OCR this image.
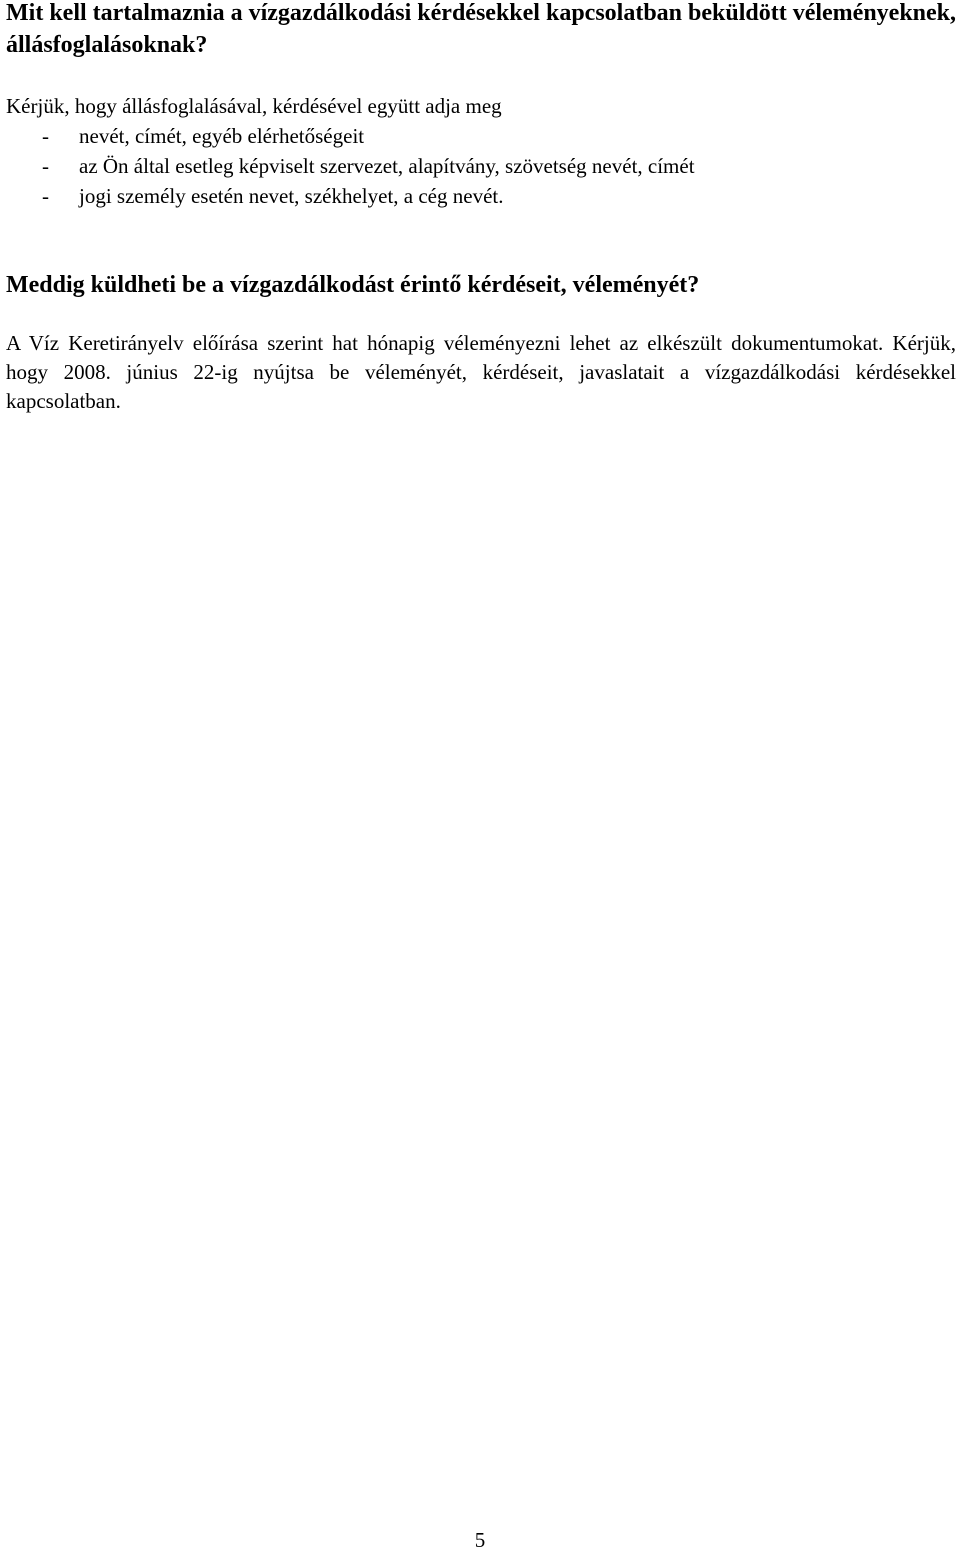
Mit kell tartalmaznia a vízgazdálkodási kérdésekkel kapcsolatban beküldött véleményeknek, állásfoglalásoknak?

Kérjük, hogy állásfoglalásával, kérdésével együtt adja meg

- nevét, címét, egyéb elérhetőségeit
- az Ön által esetleg képviselt szervezet, alapítvány, szövetség nevét, címét
- jogi személy esetén nevet, székhelyet, a cég nevét.
Meddig küldheti be a vízgazdálkodást érintő kérdéseit, véleményét?

A Víz Keretirányelv előírása szerint hat hónapig véleményezni lehet az elkészült dokumentumokat. Kérjük, hogy 2008. június 22-ig nyújtsa be véleményét, kérdéseit, javaslatait a vízgazdálkodási kérdésekkel kapcsolatban.

5
